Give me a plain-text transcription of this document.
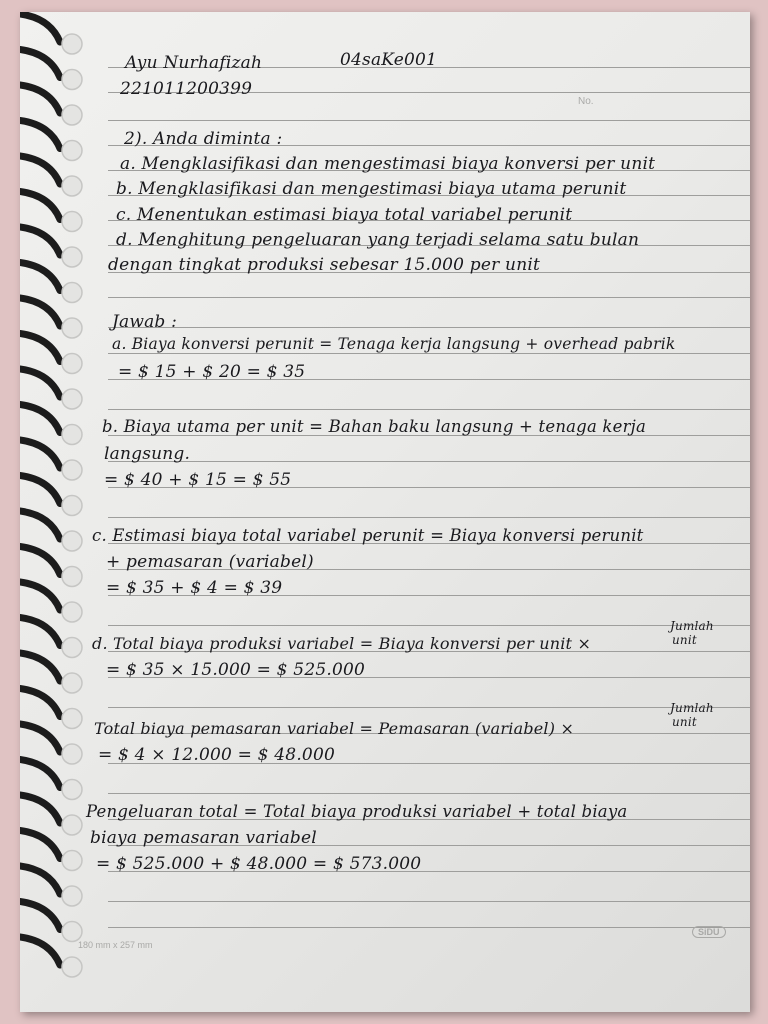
No.
Ayu Nurhafizah	04saKe001
221011200399
2). Anda diminta :
a. Mengklasifikasi dan mengestimasi biaya konversi per unit
b. Mengklasifikasi dan mengestimasi biaya utama perunit
c. Menentukan estimasi biaya total variabel perunit
d. Menghitung pengeluaran yang terjadi selama satu bulan
dengan tingkat produksi sebesar 15.000 per unit
Jawab :
a. Biaya konversi perunit = Tenaga kerja langsung + overhead pabrik
= $ 15 + $ 20 = $ 35
b. Biaya utama per unit = Bahan baku langsung + tenaga kerja
langsung.
= $ 40 + $ 15 = $ 55
c. Estimasi biaya total variabel perunit = Biaya konversi perunit
+ pemasaran (variabel)
= $ 35 + $ 4 = $ 39
d. Total biaya produksi variabel = Biaya konversi per unit ×
Jumlah
unit
= $ 35 × 15.000 = $ 525.000
Total biaya pemasaran variabel = Pemasaran (variabel) ×
Jumlah
unit
= $ 4 × 12.000 = $ 48.000
Pengeluaran total = Total biaya produksi variabel + total biaya
biaya pemasaran variabel
= $ 525.000 + $ 48.000 = $ 573.000
180 mm x 257 mm
SiDU
